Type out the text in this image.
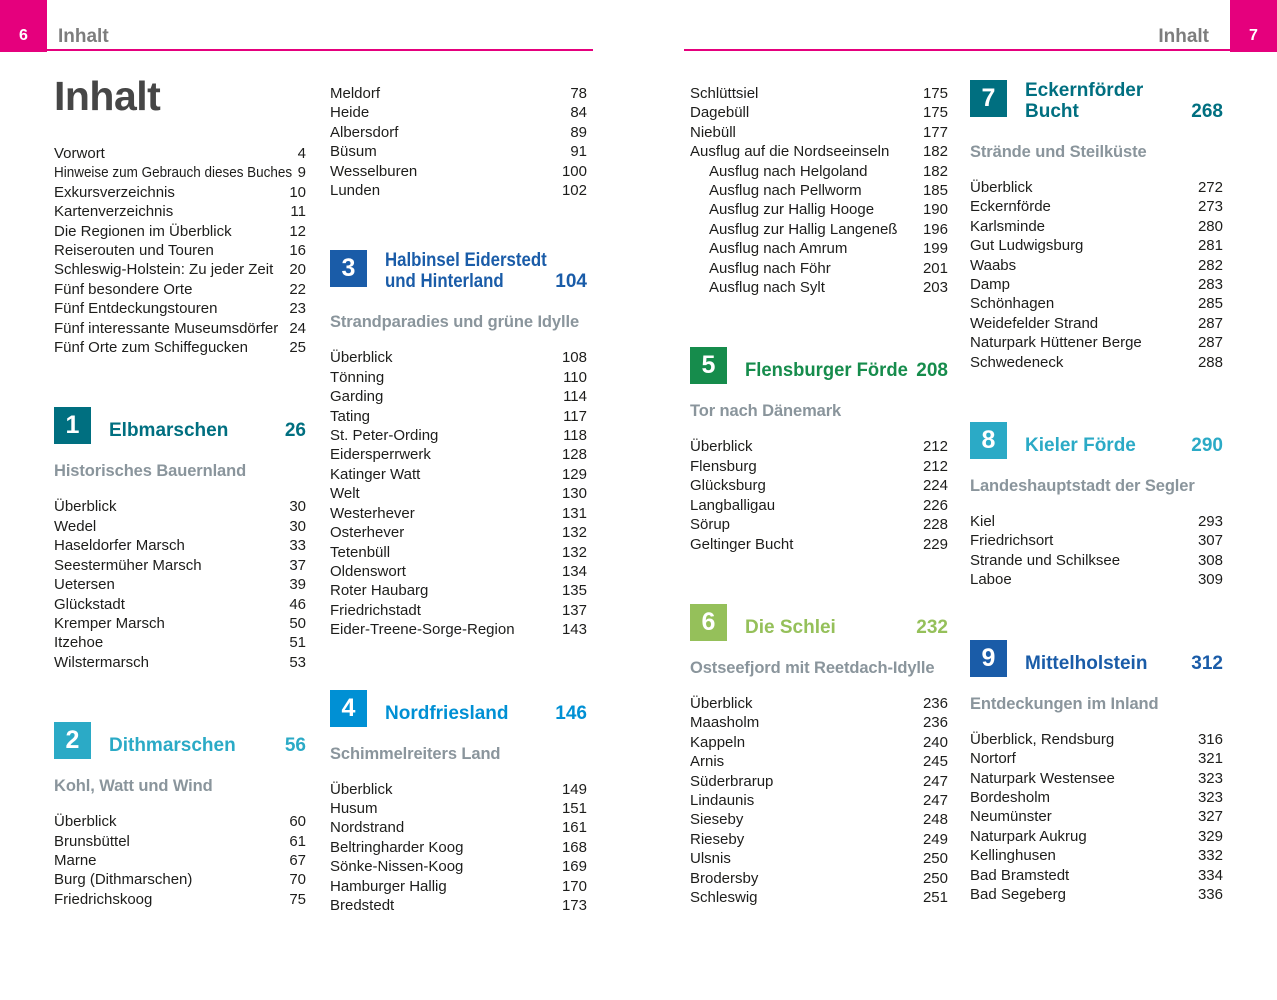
6	Inhalt	Inhalt	7
Inhalt
Vorwort	4
Hinweise zum Gebrauch dieses Buches 9
Exkursverzeichnis	10
Kartenverzeichnis	11
Die Regionen im Überblick	12
Reiserouten und Touren	16
Schleswig-Holstein: Zu jeder Zeit	20
Fünf besondere Orte	22
Fünf Entdeckungstouren	23
Fünf interessante Museumsdörfer 24
Fünf Orte zum Schiffegucken	25
1	Elbmarschen	26
Historisches Bauernland
Überblick	30
Wedel	30
Haseldorfer Marsch	33
Seestermüher Marsch	37
Uetersen	39
Glückstadt	46
Kremper Marsch	50
Itzehoe	51
Wilstermarsch	53
2	Dithmarschen	56
Kohl, Watt und Wind
Überblick	60
Brunsbüttel	61
Marne	67
Burg (Dithmarschen)	70
Friedrichskoog	75
Meldorf	78
Heide	84
Albersdorf	89
Büsum	91
Wesselburen	100
Lunden	102
3	Halbinsel Eiderstedt
und Hinterland	104
Strandparadies und grüne Idylle
Überblick	108
Tönning	110
Garding	114
Tating	117
St. Peter-Ording	118
Eidersperrwerk	128
Katinger Watt	129
Welt	130
Westerhever	131
Osterhever	132
Tetenbüll	132
Oldenswort	134
Roter Haubarg	135
Friedrichstadt	137
Eider-Treene-Sorge-Region	143
4	Nordfriesland	146
Schimmelreiters Land
Überblick	149
Husum	151
Nordstrand	161
Beltringharder Koog	168
Sönke-Nissen-Koog	169
Hamburger Hallig	170
Bredstedt	173
Schlüttsiel	175
Dagebüll	175
Niebüll	177
Ausflug auf die Nordseeinseln	182
Ausflug nach Helgoland	182
Ausflug nach Pellworm	185
Ausflug zur Hallig Hooge	190
Ausflug zur Hallig Langeneß	196
Ausflug nach Amrum	199
Ausflug nach Föhr	201
Ausflug nach Sylt	203
5	Flensburger Förde 208
Tor nach Dänemark
Überblick	212
Flensburg	212
Glücksburg	224
Langballigau	226
Sörup	228
Geltinger Bucht	229
6	Die Schlei	232
Ostseefjord mit Reetdach-Idylle
Überblick	236
Maasholm	236
Kappeln	240
Arnis	245
Süderbrarup	247
Lindaunis	247
Sieseby	248
Rieseby	249
Ulsnis	250
Brodersby	250
Schleswig	251
7	Eckernförder
Bucht	268
Strände und Steilküste
Überblick	272
Eckernförde	273
Karlsminde	280
Gut Ludwigsburg	281
Waabs	282
Damp	283
Schönhagen	285
Weidefelder Strand	287
Naturpark Hüttener Berge	287
Schwedeneck	288
8	Kieler Förde	290
Landeshauptstadt der Segler
Kiel	293
Friedrichsort	307
Strande und Schilksee	308
Laboe	309
9	Mittelholstein	312
Entdeckungen im Inland
Überblick, Rendsburg	316
Nortorf	321
Naturpark Westensee	323
Bordesholm	323
Neumünster	327
Naturpark Aukrug	329
Kellinghusen	332
Bad Bramstedt	334
Bad Segeberg	336
